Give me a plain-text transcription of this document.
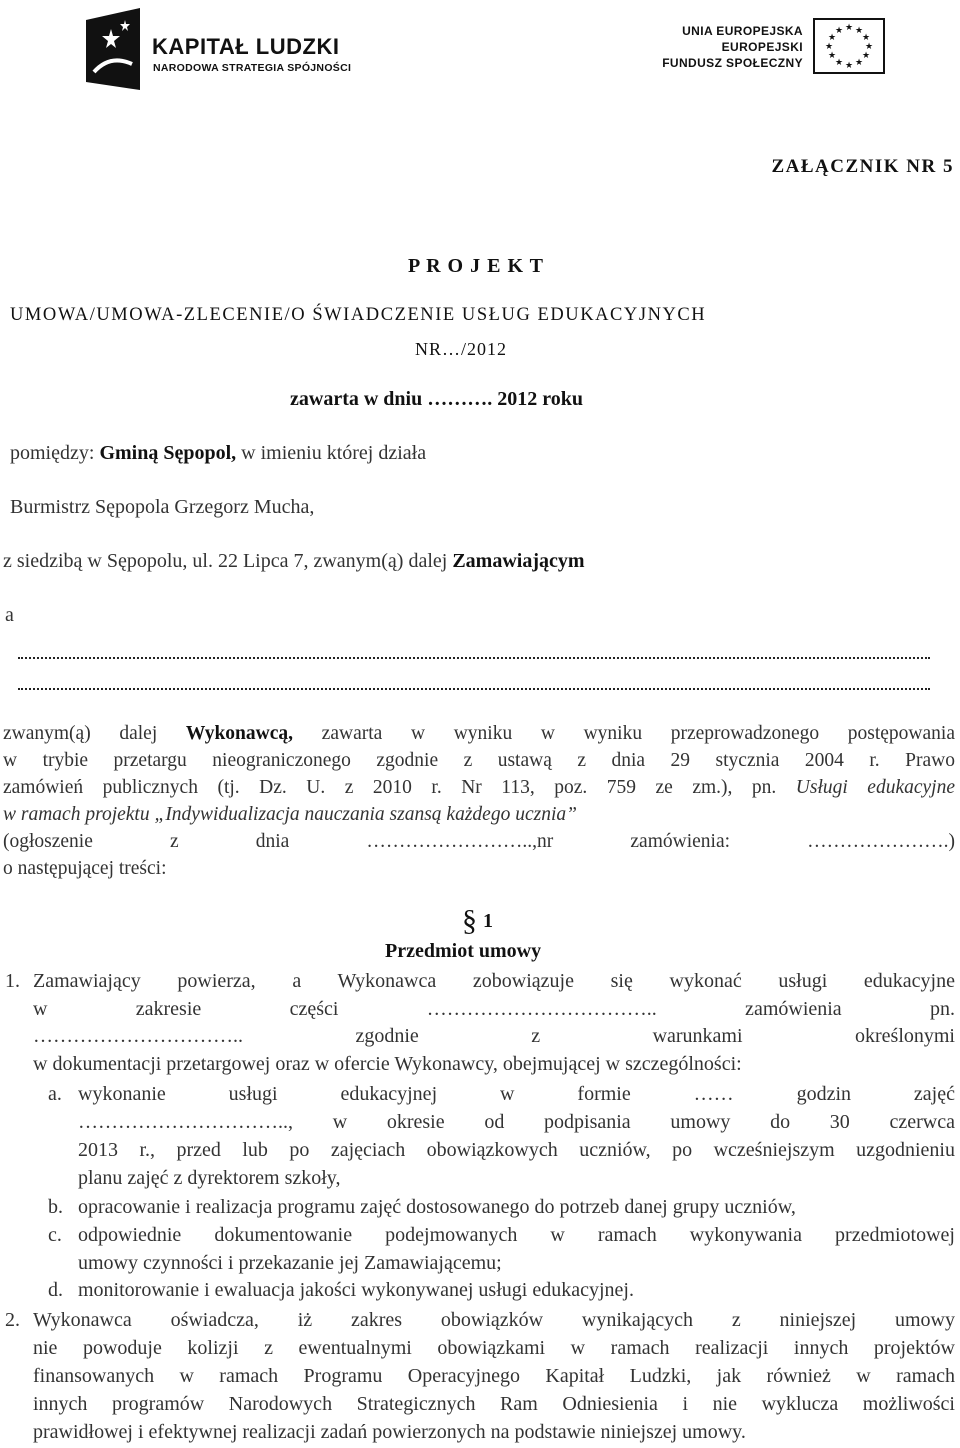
KAPITAŁ LUDZKI
NARODOWA STRATEGIA SPÓJNOŚCI
UNIA EUROPEJSKA
EUROPEJSKI
FUNDUSZ SPOŁECZNY
★ ★
★
★
★
★
★
★
★
★
★
★
ZAŁĄCZNIK NR 5
P R O J E K T
UMOWA/UMOWA-ZLECENIE/O ŚWIADCZENIE USŁUG EDUKACYJNYCH
NR…/2012
zawarta w dniu ………. 2012 roku
pomiędzy: Gminą Sępopol, w imieniu której działa
Burmistrz Sępopola Grzegorz Mucha,
z siedzibą w Sępopolu, ul. 22 Lipca 7, zwanym(ą) dalej Zamawiającym
a
zwanym(ą) dalej Wykonawcą, zawarta w wyniku w wyniku przeprowadzonego postępowania
w trybie przetargu nieograniczonego zgodnie z ustawą z dnia 29 stycznia 2004 r. Prawo
zamówień publicznych (tj. Dz. U. z 2010 r. Nr 113, poz. 759 ze zm.), pn. Usługi edukacyjne
w ramach projektu „Indywidualizacja nauczania szansą każdego ucznia”
(ogłoszenie z dnia ……………………..,nr zamówienia: ………………….)
o następującej treści:
§ 1
Przedmiot umowy
1. Zamawiający powierza, a Wykonawca zobowiązuje się wykonać usługi edukacyjne
w zakresie części …………………………….. zamówienia pn.
………………………….. zgodnie z warunkami określonymi
w dokumentacji przetargowej oraz w ofercie Wykonawcy, obejmującej w szczególności:
a. wykonanie usługi edukacyjnej w formie …… godzin zajęć
………………………….., w okresie od podpisania umowy do 30 czerwca
2013 r., przed lub po zajęciach obowiązkowych uczniów, po wcześniejszym uzgodnieniu
planu zajęć z dyrektorem szkoły,
b. opracowanie i realizacja programu zajęć dostosowanego do potrzeb danej grupy uczniów,
c. odpowiednie dokumentowanie podejmowanych w ramach wykonywania przedmiotowej
umowy czynności i przekazanie jej Zamawiającemu;
d. monitorowanie i ewaluacja jakości wykonywanej usługi edukacyjnej.
2. Wykonawca oświadcza, iż zakres obowiązków wynikających z niniejszej umowy
nie powoduje kolizji z ewentualnymi obowiązkami w ramach realizacji innych projektów
finansowanych w ramach Programu Operacyjnego Kapitał Ludzki, jak również w ramach
innych programów Narodowych Strategicznych Ram Odniesienia i nie wyklucza możliwości
prawidłowej i efektywnej realizacji zadań powierzonych na podstawie niniejszej umowy.
